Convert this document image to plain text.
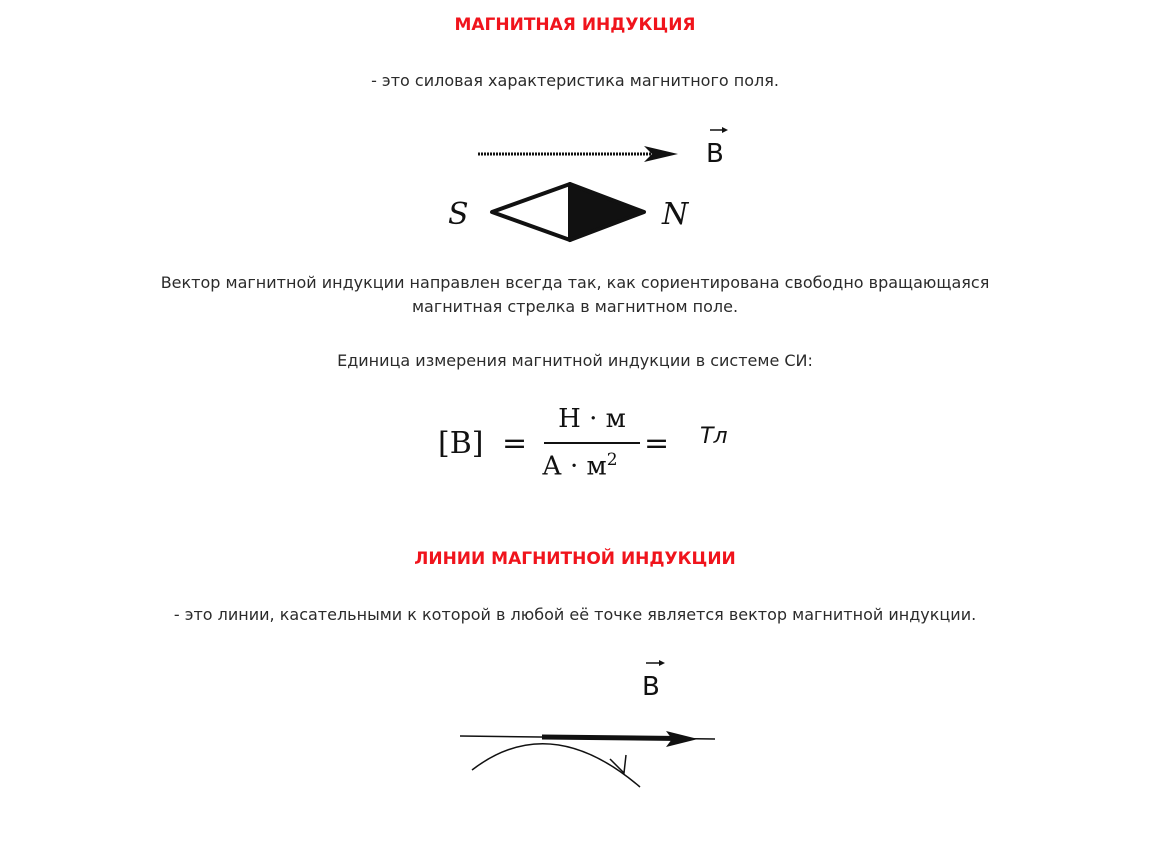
МАГНИТНАЯ ИНДУКЦИЯ
- это силовая характеристика магнитного поля.
B
S	N
Вектор магнитной индукции направлен всегда так, как сориентирована свободно вращающаяся
магнитная стрелка в магнитном поле.
Единица измерения магнитной индукции в системе СИ:
[B] =
Н · м
$А \cdot м^2$ = Тл
ЛИНИИ МАГНИТНОЙ ИНДУКЦИИ
- это линии, касательными к которой в любой её точке является вектор магнитной индукции.
B
